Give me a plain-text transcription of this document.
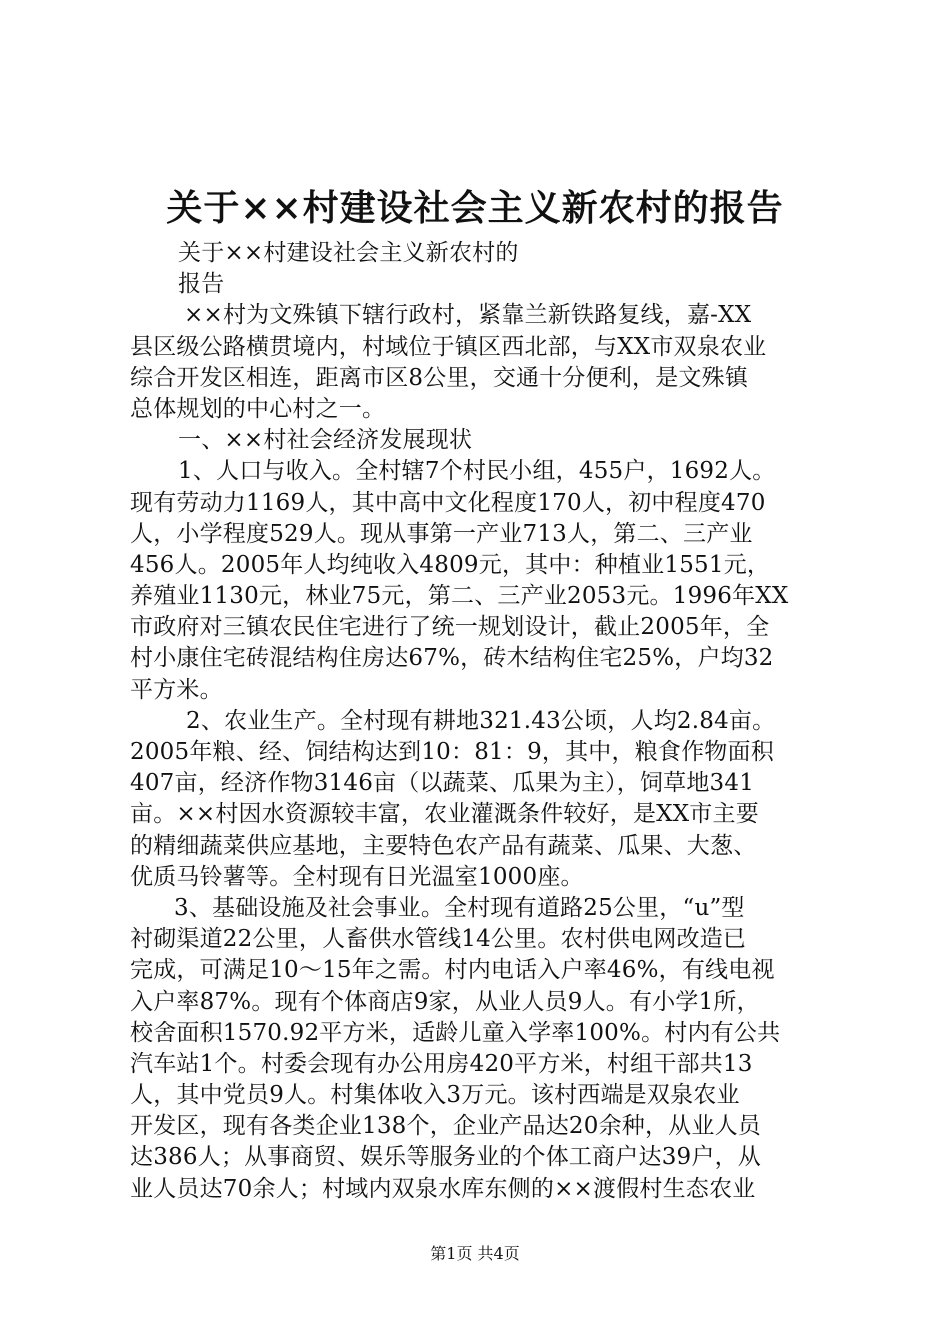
关于××村建设社会主义新农村的报告
关于××村建设社会主义新农村的
报告
××村为文殊镇下辖行政村，紧靠兰新铁路复线，嘉-XX
县区级公路横贯境内，村域位于镇区西北部，与XX市双泉农业
综合开发区相连，距离市区8公里，交通十分便利，是文殊镇
总体规划的中心村之一。
一、××村社会经济发展现状
1、人口与收入。全村辖7个村民小组，455户，1692人。
现有劳动力1169人，其中高中文化程度170人，初中程度470
人，小学程度529人。现从事第一产业713人，第二、三产业
456人。2005年人均纯收入4809元，其中：种植业1551元，
养殖业1130元，林业75元，第二、三产业2053元。1996年XX
市政府对三镇农民住宅进行了统一规划设计，截止2005年，全
村小康住宅砖混结构住房达67%，砖木结构住宅25%，户均32
平方米。
2、农业生产。全村现有耕地321.43公顷，人均2.84亩。
2005年粮、经、饲结构达到10：81：9，其中，粮食作物面积
407亩，经济作物3146亩（以蔬菜、瓜果为主），饲草地341
亩。××村因水资源较丰富，农业灌溉条件较好，是XX市主要
的精细蔬菜供应基地，主要特色农产品有蔬菜、瓜果、大葱、
优质马铃薯等。全村现有日光温室1000座。
3、基础设施及社会事业。全村现有道路25公里，“u”型
衬砌渠道22公里，人畜供水管线14公里。农村供电网改造已
完成，可满足10～15年之需。村内电话入户率46%，有线电视
入户率87%。现有个体商店9家，从业人员9人。有小学1所，
校舍面积1570.92平方米，适龄儿童入学率100%。村内有公共
汽车站1个。村委会现有办公用房420平方米，村组干部共13
人，其中党员9人。村集体收入3万元。该村西端是双泉农业
开发区，现有各类企业138个，企业产品达20余种，从业人员
达386人；从事商贸、娱乐等服务业的个体工商户达39户，从
业人员达70余人；村域内双泉水库东侧的××渡假村生态农业
第1页 共4页
